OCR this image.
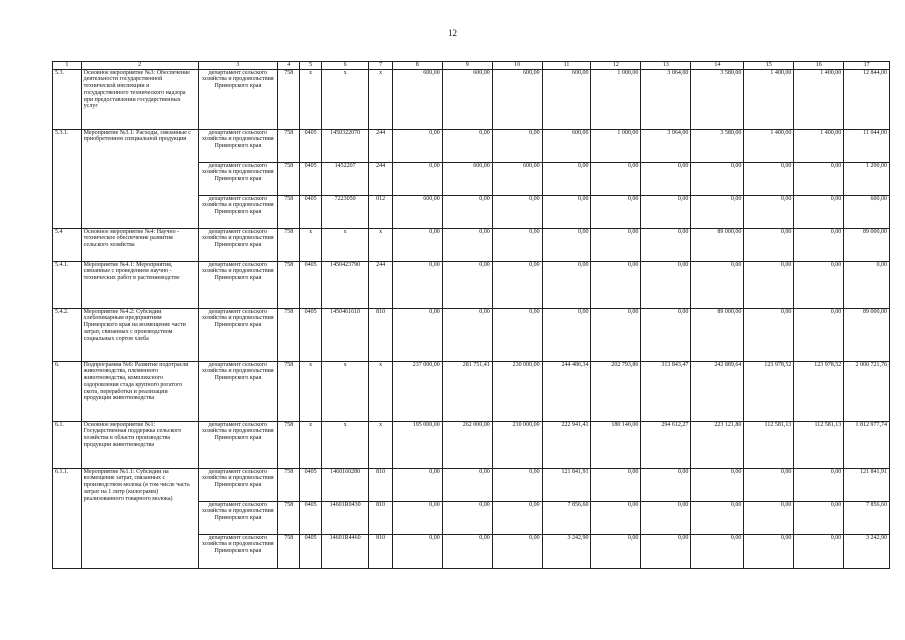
12
1	2	3	4	5	6	7	8	9	10	11	12	13	14	15	16	17
5.3.	Основное мероприятие №3: Обеспечение деятельности государственной технической инспекции и государственного технического надзора при предоставлении государственных услуг	департамент сельского хозяйства и продовольствия Приморского края	758	х	х	х	600,00	600,00	600,00	600,00	1 000,00	3 064,00	3 580,00	1 400,00	1 400,00	12 844,00
5.3.1.	Мероприятие №3.1: Расходы, связанные с приобретением специальной продукции	департамент сельского хозяйства и продовольствия Приморского края	758	0405	1450322070	244	0,00	0,00	0,00	600,00	1 000,00	3 064,00	3 580,00	1 400,00	1 400,00	11 044,00
		департамент сельского хозяйства и продовольствия Приморского края	758	0405	1452207	244	0,00	600,00	600,00	0,00	0,00	0,00	0,00	0,00	0,00	1 200,00
		департамент сельского хозяйства и продовольствия Приморского края	758	0405	7223050	012	600,00	0,00	0,00	0,00	0,00	0,00	0,00	0,00	0,00	600,00
5.4	Основное мероприятие №4: Научно - техническое обеспечение развития сельского хозяйства	департамент сельского хозяйства и продовольствия Приморского края	758	х	х	х	0,00	0,00	0,00	0,00	0,00	0,00	89 000,00	0,00	0,00	89 000,00
5.4.1.	Мероприятие №4.1: Мероприятия, связанные с проведением научно - технических работ в растениеводстве	департамент сельского хозяйства и продовольствия Приморского края	758	0405	1450423790	244	0,00	0,00	0,00	0,00	0,00	0,00	0,00	0,00	0,00	0,00
5.4.2.	Мероприятие №4.2: Субсидии хлебопекарным предприятиям Приморского края на возмещение части затрат, связанных с производством социальных сортов хлеба	департамент сельского хозяйства и продовольствия Приморского края	758	0405	1450461610	810	0,00	0,00	0,00	0,00	0,00	0,00	89 000,00	0,00	0,00	89 000,00
6.	Подпрограмма №6: Развитие подотрасли животноводства, племенного животноводства, комплексного оздоровления стада крупного рогатого скота, переработки и реализации продукции животноводства	департамент сельского хозяйства и продовольствия Приморского края	758	х	х	х	237 000,00	281 751,41	230 000,00	244 486,34	202 793,86	313 843,47	242 889,64	123 978,52	123 978,52	2 000 721,76
6.1.	Основное мероприятие №1: Государственная поддержка сельского хозяйства в области производства продукции животноводства	департамент сельского хозяйства и продовольствия Приморского края	758	х	х	х	195 000,00	262 000,00	210 000,00	222 941,41	180 140,00	294 612,27	223 121,80	112 581,13	112 581,13	1 812 977,74
6.1.1.	Мероприятие №1.1: Субсидии на возмещение затрат, связанных с производством молока (в том числе часть затрат на 1 литр (килограмм) реализованного товарного молока)	департамент сельского хозяйства и продовольствия Приморского края	758	0405	1460160280	810	0,00	0,00	0,00	121 841,91	0,00	0,00	0,00	0,00	0,00	121 841,91
		департамент сельского хозяйства и продовольствия Приморского края	758	0405	14601R0430	810	0,00	0,00	0,00	7 856,60	0,00	0,00	0,00	0,00	0,00	7 856,60
		департамент сельского хозяйства и продовольствия Приморского края	758	0405	14601R4460	810	0,00	0,00	0,00	3 242,90	0,00	0,00	0,00	0,00	0,00	3 242,90
